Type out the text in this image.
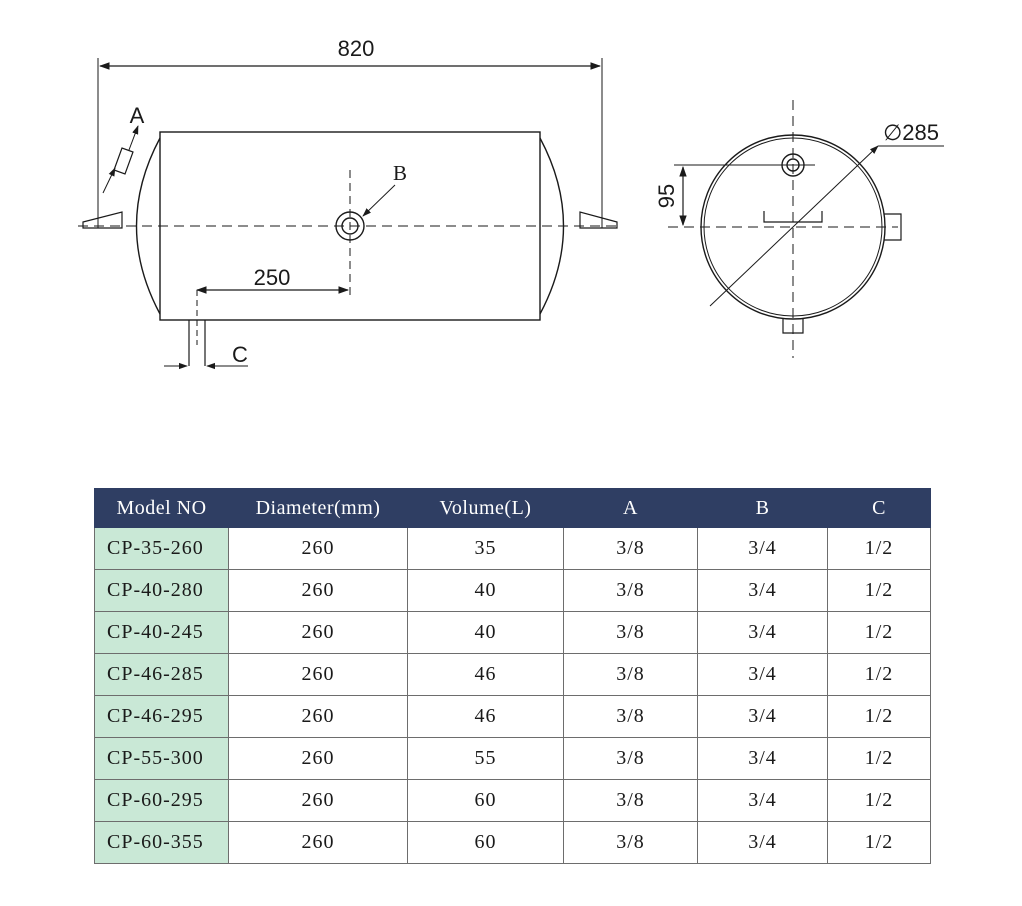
820
A
B
250
C
∅285
95
Model NO	Diameter(mm)	Volume(L)	A	B	C
CP-35-260	260	35	3/8	3/4	1/2
CP-40-280	260	40	3/8	3/4	1/2
CP-40-245	260	40	3/8	3/4	1/2
CP-46-285	260	46	3/8	3/4	1/2
CP-46-295	260	46	3/8	3/4	1/2
CP-55-300	260	55	3/8	3/4	1/2
CP-60-295	260	60	3/8	3/4	1/2
CP-60-355	260	60	3/8	3/4	1/2
